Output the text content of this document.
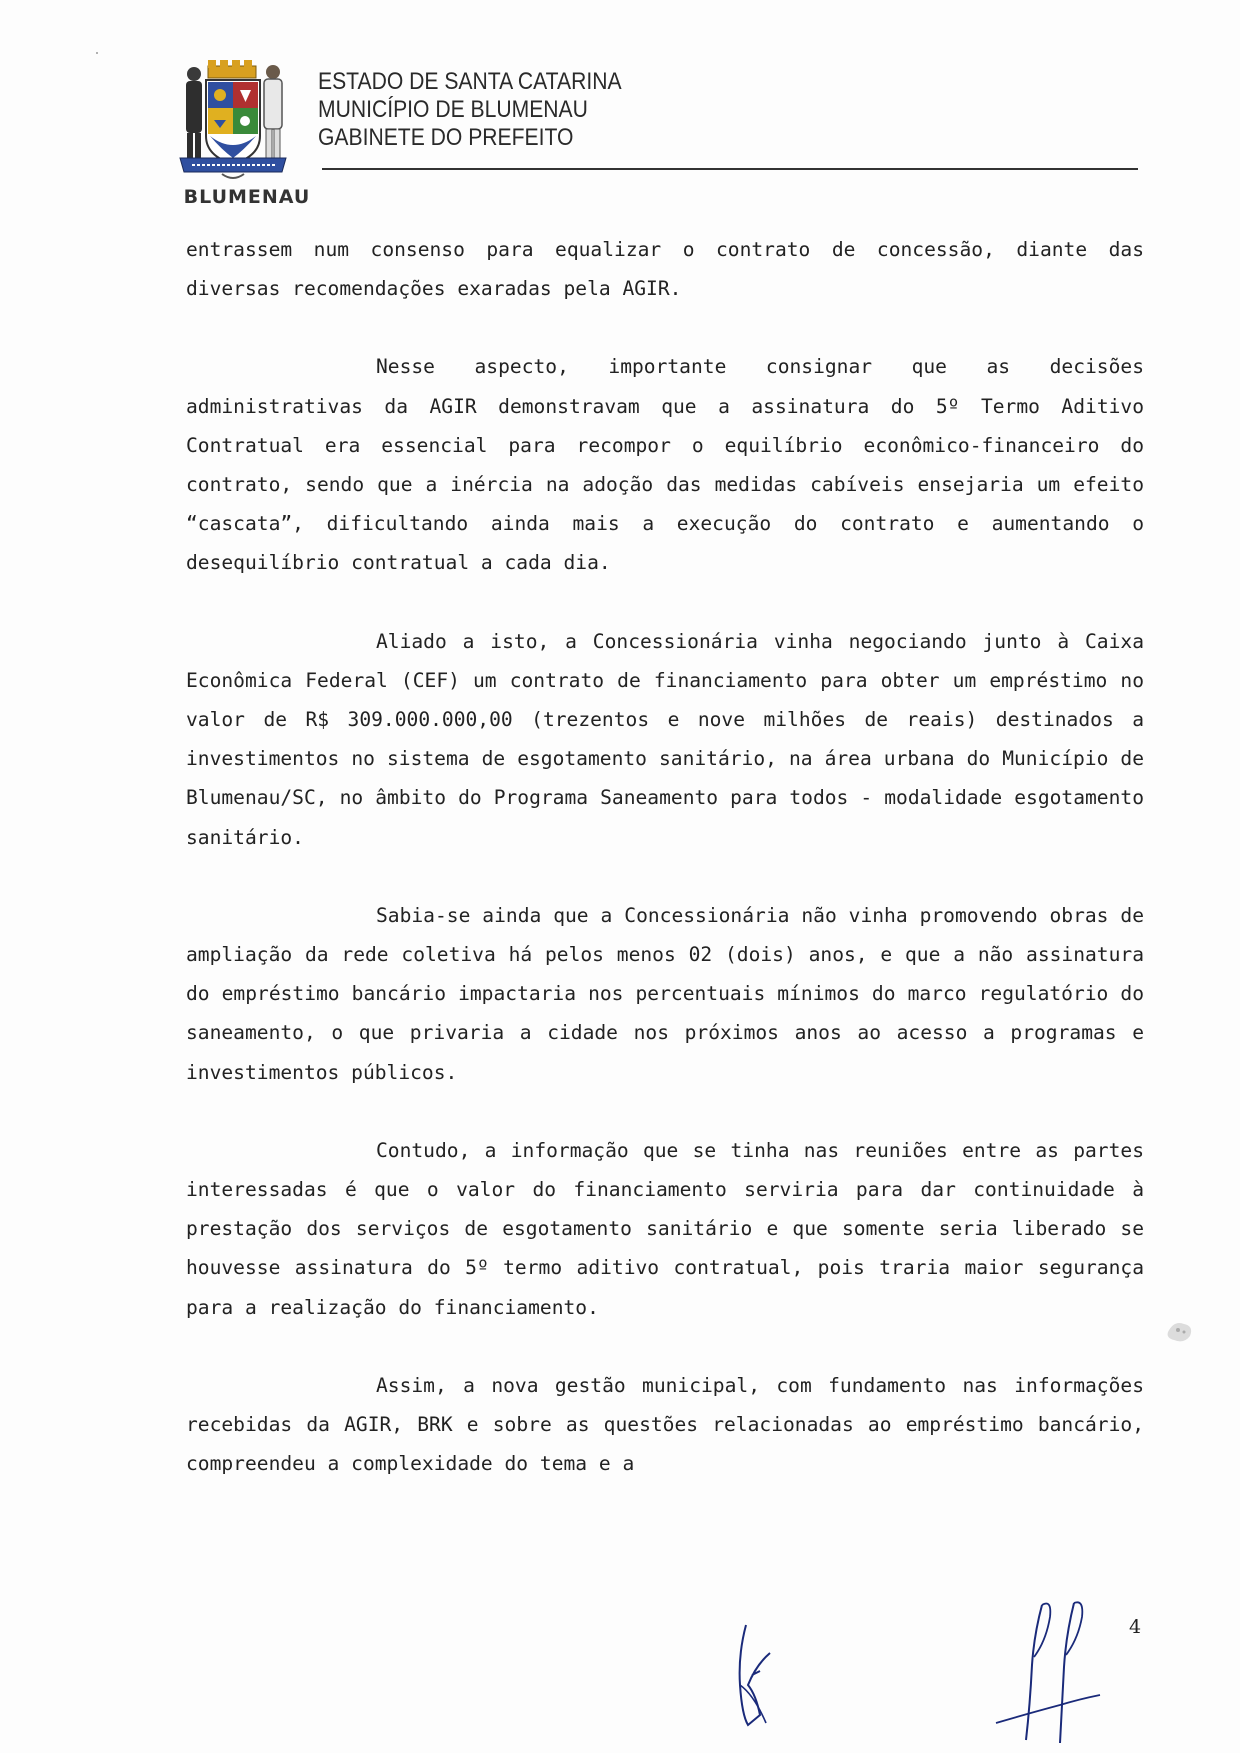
BLUMENAU
ESTADO DE SANTA CATARINA
MUNICÍPIO DE BLUMENAU
GABINETE DO PREFEITO

entrassem num consenso para equalizar o contrato de concessão, diante das diversas recomendações exaradas pela AGIR.

Nesse aspecto, importante consignar que as decisões administrativas da AGIR demonstravam que a assinatura do 5º Termo Aditivo Contratual era essencial para recompor o equilíbrio econômico-financeiro do contrato, sendo que a inércia na adoção das medidas cabíveis ensejaria um efeito “cascata”, dificultando ainda mais a execução do contrato e aumentando o desequilíbrio contratual a cada dia.

Aliado a isto, a Concessionária vinha negociando junto à Caixa Econômica Federal (CEF) um contrato de financiamento para obter um empréstimo no valor de R$ 309.000.000,00 (trezentos e nove milhões de reais) destinados a investimentos no sistema de esgotamento sanitário, na área urbana do Município de Blumenau/SC, no âmbito do Programa Saneamento para todos - modalidade esgotamento sanitário.

Sabia-se ainda que a Concessionária não vinha promovendo obras de ampliação da rede coletiva há pelos menos 02 (dois) anos, e que a não assinatura do empréstimo bancário impactaria nos percentuais mínimos do marco regulatório do saneamento, o que privaria a cidade nos próximos anos ao acesso a programas e investimentos públicos.

Contudo, a informação que se tinha nas reuniões entre as partes interessadas é que o valor do financiamento serviria para dar continuidade à prestação dos serviços de esgotamento sanitário e que somente seria liberado se houvesse assinatura do 5º termo aditivo contratual, pois traria maior segurança para a realização do financiamento.

Assim, a nova gestão municipal, com fundamento nas informações recebidas da AGIR, BRK e sobre as questões relacionadas ao empréstimo bancário, compreendeu a complexidade do tema e a

4
